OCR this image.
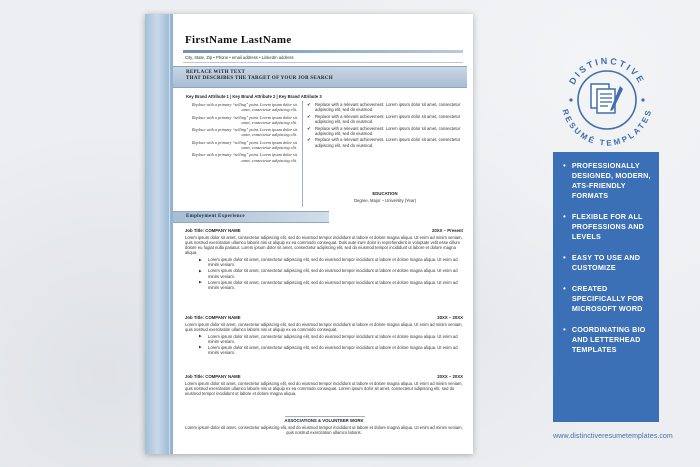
FirstName LastName
City, State, Zip • Phone • email address • LinkedIn address
REPLACE WITH TEXT
THAT DESCRIBES THE TARGET OF YOUR JOB SEARCH
Key Brand Attribute 1 | Key Brand Attribute 2 | Key Brand Attribute 3
Replace with a primary “selling” point. Lorem ipsum dolor sit amet, consectetur adipiscing elit.
Replace with a primary “selling” point. Lorem ipsum dolor sit amet, consectetur adipiscing elit.
Replace with a primary “selling” point. Lorem ipsum dolor sit amet, consectetur adipiscing elit.
Replace with a primary “selling” point. Lorem ipsum dolor sit amet, consectetur adipiscing elit.
Replace with a primary “selling” point. Lorem ipsum dolor sit amet, consectetur adipiscing elit.
✔ Replace with a relevant achievement. Lorem ipsum dolor sit amet, consectetur adipiscing elit, sed do eiusmod.
✔ Replace with a relevant achievement. Lorem ipsum dolor sit amet, consectetur adipiscing elit, sed do eiusmod.
✔ Replace with a relevant achievement. Lorem ipsum dolor sit amet, consectetur adipiscing elit, sed do eiusmod.
✔ Replace with a relevant achievement. Lorem ipsum dolor sit amet, consectetur adipiscing elit, sed do eiusmod.
EDUCATION
Degree, Major – University (Year)
Employment Experience
Job Title: COMPANY NAME	20XX – Present
Lorem ipsum dolor sit amet, consectetur adipiscing elit, sed do eiusmod tempor incididunt ut labore et dolore magna aliqua. Ut enim ad minim veniam, quis nostrud exercitation ullamco laboris nisi ut aliquip ex ea commodo consequat. Duis aute irure dolor in reprehenderit in voluptate velit esse cillum dolore eu fugiat nulla pariatur. Lorem ipsum dolor sit amet, consectetur adipiscing elit, sed do eiusmod tempor incididunt ut labore et dolore magna aliqua.
▶	Lorem ipsum dolor sit amet, consectetur adipiscing elit, sed do eiusmod tempor incididunt ut labore et dolore magna aliqua. Ut enim ad minim veniam.
▶	Lorem ipsum dolor sit amet, consectetur adipiscing elit, sed do eiusmod tempor incididunt ut labore et dolore magna aliqua. Ut enim ad minim veniam.
▶	Lorem ipsum dolor sit amet, consectetur adipiscing elit, sed do eiusmod tempor incididunt ut labore et dolore magna aliqua. Ut enim ad minim veniam.
Job Title: COMPANY NAME	20XX – 20XX
Lorem ipsum dolor sit amet, consectetur adipiscing elit, sed do eiusmod tempor incididunt ut labore et dolore magna aliqua. Ut enim ad minim veniam, quis nostrud exercitation ullamco laboris nisi ut aliquip ex ea commodo consequat.
▶	Lorem ipsum dolor sit amet, consectetur adipiscing elit, sed do eiusmod tempor incididunt ut labore et dolore magna aliqua. Ut enim ad minim veniam.
▶	Lorem ipsum dolor sit amet, consectetur adipiscing elit, sed do eiusmod tempor incididunt ut labore et dolore magna aliqua. Ut enim ad minim veniam.
Job Title: COMPANY NAME	20XX – 20XX
Lorem ipsum dolor sit amet, consectetur adipiscing elit, sed do eiusmod tempor incididunt ut labore et dolore magna aliqua. Ut enim ad minim veniam, quis nostrud exercitation ullamco laboris nisi ut aliquip ex ea commodo consequat. Lorem ipsum dolor sit amet, consectetur adipiscing elit, sed do eiusmod tempor incididunt ut labore et dolore magna aliqua.
ASSOCIATIONS & VOLUNTEER WORK
Lorem ipsum dolor sit amet, consectetur adipiscing elit, sed do eiusmod tempor incididunt ut labore et dolore magna aliqua. Ut enim ad minim veniam, quis nostrud exercitation ullamco laboris.
DISTINCTIVE
RESUMÉ TEMPLATES
• PROFESSIONALLY DESIGNED, MODERN, ATS-FRIENDLY FORMATS
• FLEXIBLE FOR ALL PROFESSIONS AND LEVELS
• EASY TO USE AND CUSTOMIZE
• CREATED SPECIFICALLY FOR MICROSOFT WORD
• COORDINATING BIO AND LETTERHEAD TEMPLATES
www.distinctiveresumetemplates.com
